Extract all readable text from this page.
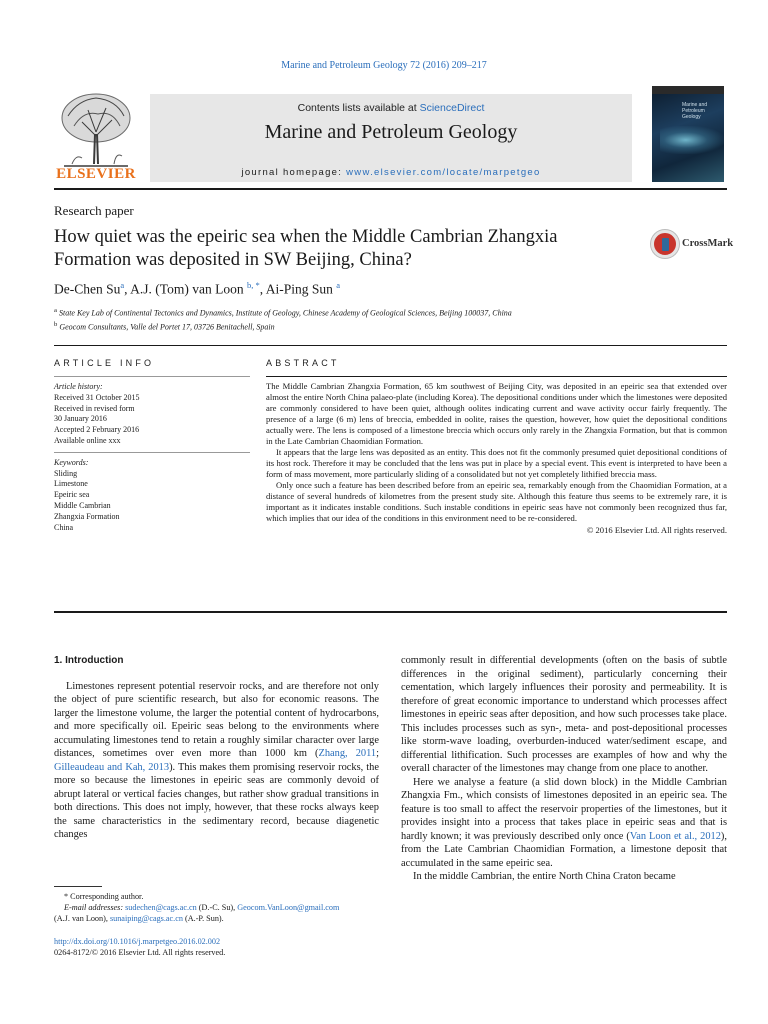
Marine and Petroleum Geology 72 (2016) 209–217
ELSEVIER
Contents lists available at ScienceDirect
Marine and Petroleum Geology
journal homepage: www.elsevier.com/locate/marpetgeo
Marine and Petroleum Geology
Research paper
How quiet was the epeiric sea when the Middle Cambrian Zhangxia Formation was deposited in SW Beijing, China?
CrossMark
De-Chen Su$^a$, A.J. (Tom) van Loon $^{b, *}$, Ai-Ping Sun $^a$
$^a$ State Key Lab of Continental Tectonics and Dynamics, Institute of Geology, Chinese Academy of Geological Sciences, Beijing 100037, China
$^b$ Geocom Consultants, Valle del Portet 17, 03726 Benitachell, Spain
ARTICLE INFO	ABSTRACT
Article history:
Received 31 October 2015
Received in revised form
30 January 2016
Accepted 2 February 2016
Available online xxx
Keywords:
Sliding
Limestone
Epeiric sea
Middle Cambrian
Zhangxia Formation
China

The Middle Cambrian Zhangxia Formation, 65 km southwest of Beijing City, was deposited in an epeiric sea that extended over almost the entire North China palaeo-plate (including Korea). The depositional conditions under which the limestones were deposited are commonly considered to have been quiet, although oolites indicating current and wave activity occur fairly frequently. The presence of a large (6 m) lens of breccia, embedded in oolite, raises the question, however, how quiet the depositional conditions actually were. The lens is composed of a limestone breccia which occurs only rarely in the Zhangxia Formation, but that is common in the Late Cambrian Chaomidian Formation.

It appears that the large lens was deposited as an entity. This does not fit the commonly presumed quiet depositional conditions of its host rock. Therefore it may be concluded that the lens was put in place by a special event. This event is interpreted to have been a form of mass movement, more particularly sliding of a consolidated but not yet completely lithified breccia mass.

Only once such a feature has been described before from an epeiric sea, remarkably enough from the Chaomidian Formation, at a distance of several hundreds of kilometres from the present study site. Although this feature thus seems to be extremely rare, it is important as it indicates instable conditions. Such instable conditions in epeiric seas have not commonly been recognized thus far, which implies that our idea of the conditions in this environment need to be re-considered.

© 2016 Elsevier Ltd. All rights reserved.

1. Introduction

Limestones represent potential reservoir rocks, and are therefore not only the object of pure scientific research, but also for economic reasons. The larger the limestone volume, the larger the potential content of hydrocarbons, and more specifically oil. Epeiric seas belong to the environments where accumulating limestones tend to retain a roughly similar character over large distances, sometimes over even more than 1000 km (Zhang, 2011; Gilleaudeau and Kah, 2013). This makes them promising reservoir rocks, the more so because the limestones in epeiric seas are commonly devoid of abrupt lateral or vertical facies changes, but rather show gradual transitions in both directions. This does not imply, however, that these rocks always keep the same characteristics in the sedimentary record, because diagenetic changes

commonly result in differential developments (often on the basis of subtle differences in the original sediment), particularly concerning their cementation, which largely influences their porosity and permeability. It is therefore of great economic importance to understand which processes affect limestones in epeiric seas after deposition, and how such processes take place. This includes processes such as syn-, meta- and post-depositional processes like storm-wave loading, overburden-induced water/sediment escape, and differential lithification. Such processes are examples of how and why the overall character of the limestones may change from one place to another.

Here we analyse a feature (a slid down block) in the Middle Cambrian Zhangxia Fm., which consists of limestones deposited in an epeiric sea. The feature is too small to affect the reservoir properties of the limestones, but it provides insight into a process that takes place in epeiric seas and that is hardly known; it was previously described only once (Van Loon et al., 2012), from the Late Cambrian Chaomidian Formation, a limestone deposit that accumulated in the same epeiric sea.

In the middle Cambrian, the entire North China Craton became

* Corresponding author.
E-mail addresses: sudechen@cags.ac.cn (D.-C. Su), Geocom.VanLoon@gmail.com
(A.J. van Loon), sunaiping@cags.ac.cn (A.-P. Sun).
http://dx.doi.org/10.1016/j.marpetgeo.2016.02.002
0264-8172/© 2016 Elsevier Ltd. All rights reserved.
